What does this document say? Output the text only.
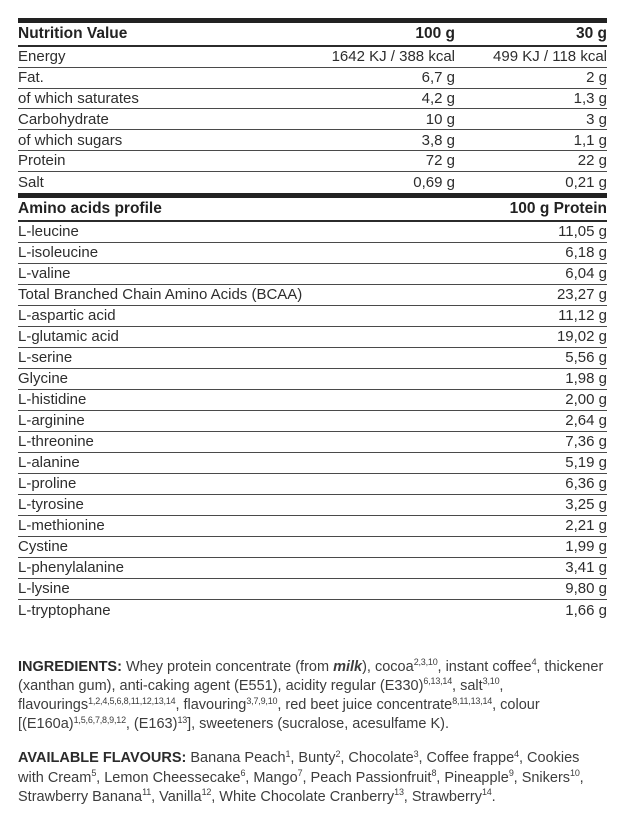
Nutrition Value	100 g	30 g
Energy	1642 KJ / 388 kcal	499 KJ / 118 kcal
Fat.	6,7 g	2 g
of which saturates	4,2 g	1,3 g
Carbohydrate	10 g	3 g
of which sugars	3,8 g	1,1 g
Protein	72 g	22 g
Salt	0,69 g	0,21 g
Amino acids profile	100 g Protein
L-leucine	11,05 g
L-isoleucine	6,18 g
L-valine	6,04 g
Total Branched Chain Amino Acids (BCAA)	23,27 g
L-aspartic acid	11,12 g
L-glutamic acid	19,02 g
L-serine	5,56 g
Glycine	1,98 g
L-histidine	2,00 g
L-arginine	2,64 g
L-threonine	7,36 g
L-alanine	5,19 g
L-proline	6,36 g
L-tyrosine	3,25 g
L-methionine	2,21 g
Cystine	1,99 g
L-phenylalanine	3,41 g
L-lysine	9,80 g
L-tryptophane	1,66 g

INGREDIENTS: Whey protein concentrate (from milk), cocoa$^{2,3,10}$, instant coffee$^4$, thickener (xanthan gum), anti-caking agent (E551), acidity regular $(E330)^{6,13,14}$, salt$^{3,10}$, flavourings$^{1,2,4,5,6,8,11,12,13,14}$, flavouring$^{3,7,9,10}$, red beet juice concentrate$^{8,11,13,14}$, colour [$(E160a)^{1,5,6,7,8,9,12}$, $(E163)^{13}$], sweeteners (sucralose, acesulfame K).

AVAILABLE FLAVOURS: Banana Peach$^1$, Bunty$^2$, Chocolate$^3$, Coffee frappe$^4$, Cookies with Cream$^5$, Lemon Cheessecake$^6$, Mango$^7$, Peach Passionfruit$^8$, Pineapple$^9$, Snikers$^{10}$, Strawberry Banana$^{11}$, Vanilla$^{12}$, White Chocolate Cranberry$^{13}$, Strawberry$^{14}$.
